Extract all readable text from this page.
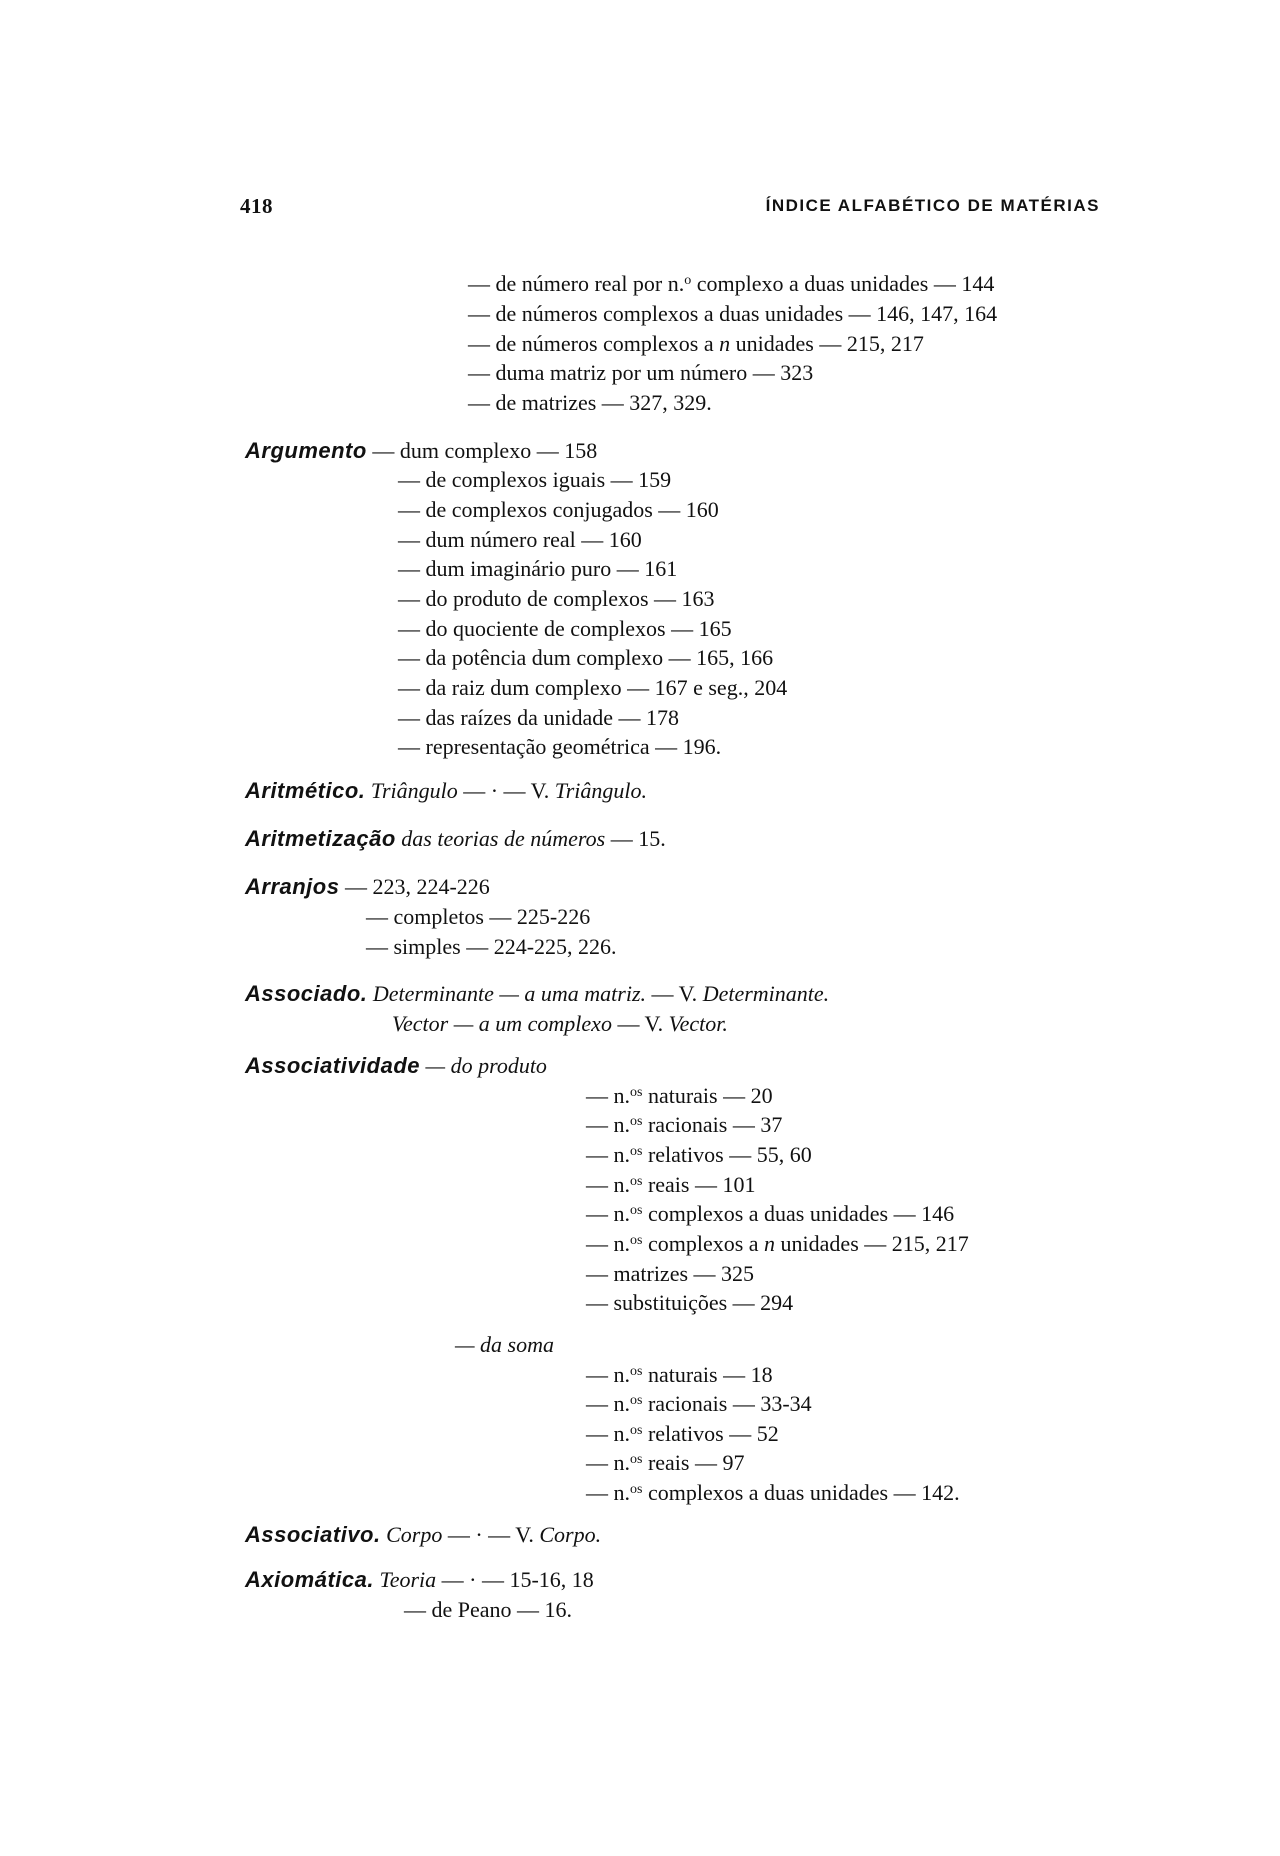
418	ÍNDICE ALFABÉTICO DE MATÉRIAS
— de número real por n.$^o$ complexo a duas unidades — 144
— de números complexos a duas unidades — 146, 147, 164
— de números complexos a n unidades — 215, 217
— duma matriz por um número — 323
— de matrizes — 327, 329.
Argumento — dum complexo — 158
— de complexos iguais — 159
— de complexos conjugados — 160
— dum número real — 160
— dum imaginário puro — 161
— do produto de complexos — 163
— do quociente de complexos — 165
— da potência dum complexo — 165, 166
— da raiz dum complexo — 167 e seg., 204
— das raízes da unidade — 178
— representação geométrica — 196.
Aritmético. Triângulo — · — V. Triângulo.
Aritmetização das teorias de números — 15.
Arranjos — 223, 224-226
— completos — 225-226
— simples — 224-225, 226.
Associado. Determinante — a uma matriz. — V. Determinante.
Vector — a um complexo — V. Vector.
Associatividade — do produto
— n.$^{os}$ naturais — 20
— n.$^{os}$ racionais — 37
— n.$^{os}$ relativos — 55, 60
— n.$^{os}$ reais — 101
— n.$^{os}$ complexos a duas unidades — 146
— n.$^{os}$ complexos a n unidades — 215, 217
— matrizes — 325
— substituições — 294
— da soma
— n.$^{os}$ naturais — 18
— n.$^{os}$ racionais — 33-34
— n.$^{os}$ relativos — 52
— n.$^{os}$ reais — 97
— n.$^{os}$ complexos a duas unidades — 142.
Associativo. Corpo — · — V. Corpo.
Axiomática. Teoria — · — 15-16, 18
— de Peano — 16.
